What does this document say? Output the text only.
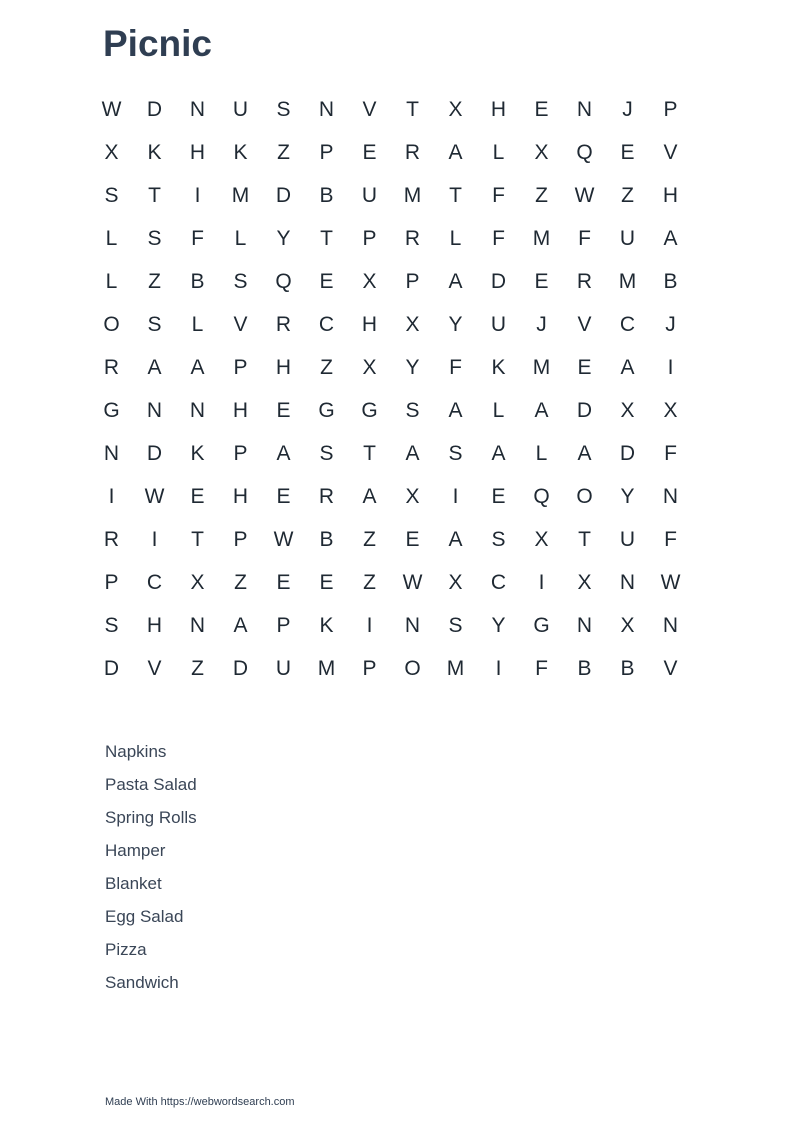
Picnic
W	D	N	U	S	N	V	T	X	H	E	N	J	P
X	K	H	K	Z	P	E	R	A	L	X	Q	E	V
S	T	I	M	D	B	U	M	T	F	Z	W	Z	H
L	S	F	L	Y	T	P	R	L	F	M	F	U	A
L	Z	B	S	Q	E	X	P	A	D	E	R	M	B
O	S	L	V	R	C	H	X	Y	U	J	V	C	J
R	A	A	P	H	Z	X	Y	F	K	M	E	A	I
G	N	N	H	E	G	G	S	A	L	A	D	X	X
N	D	K	P	A	S	T	A	S	A	L	A	D	F
I	W	E	H	E	R	A	X	I	E	Q	O	Y	N
R	I	T	P	W	B	Z	E	A	S	X	T	U	F
P	C	X	Z	E	E	Z	W	X	C	I	X	N	W
S	H	N	A	P	K	I	N	S	Y	G	N	X	N
D	V	Z	D	U	M	P	O	M	I	F	B	B	V
Napkins
Pasta Salad
Spring Rolls
Hamper
Blanket
Egg Salad
Pizza
Sandwich
Made With https://webwordsearch.com
